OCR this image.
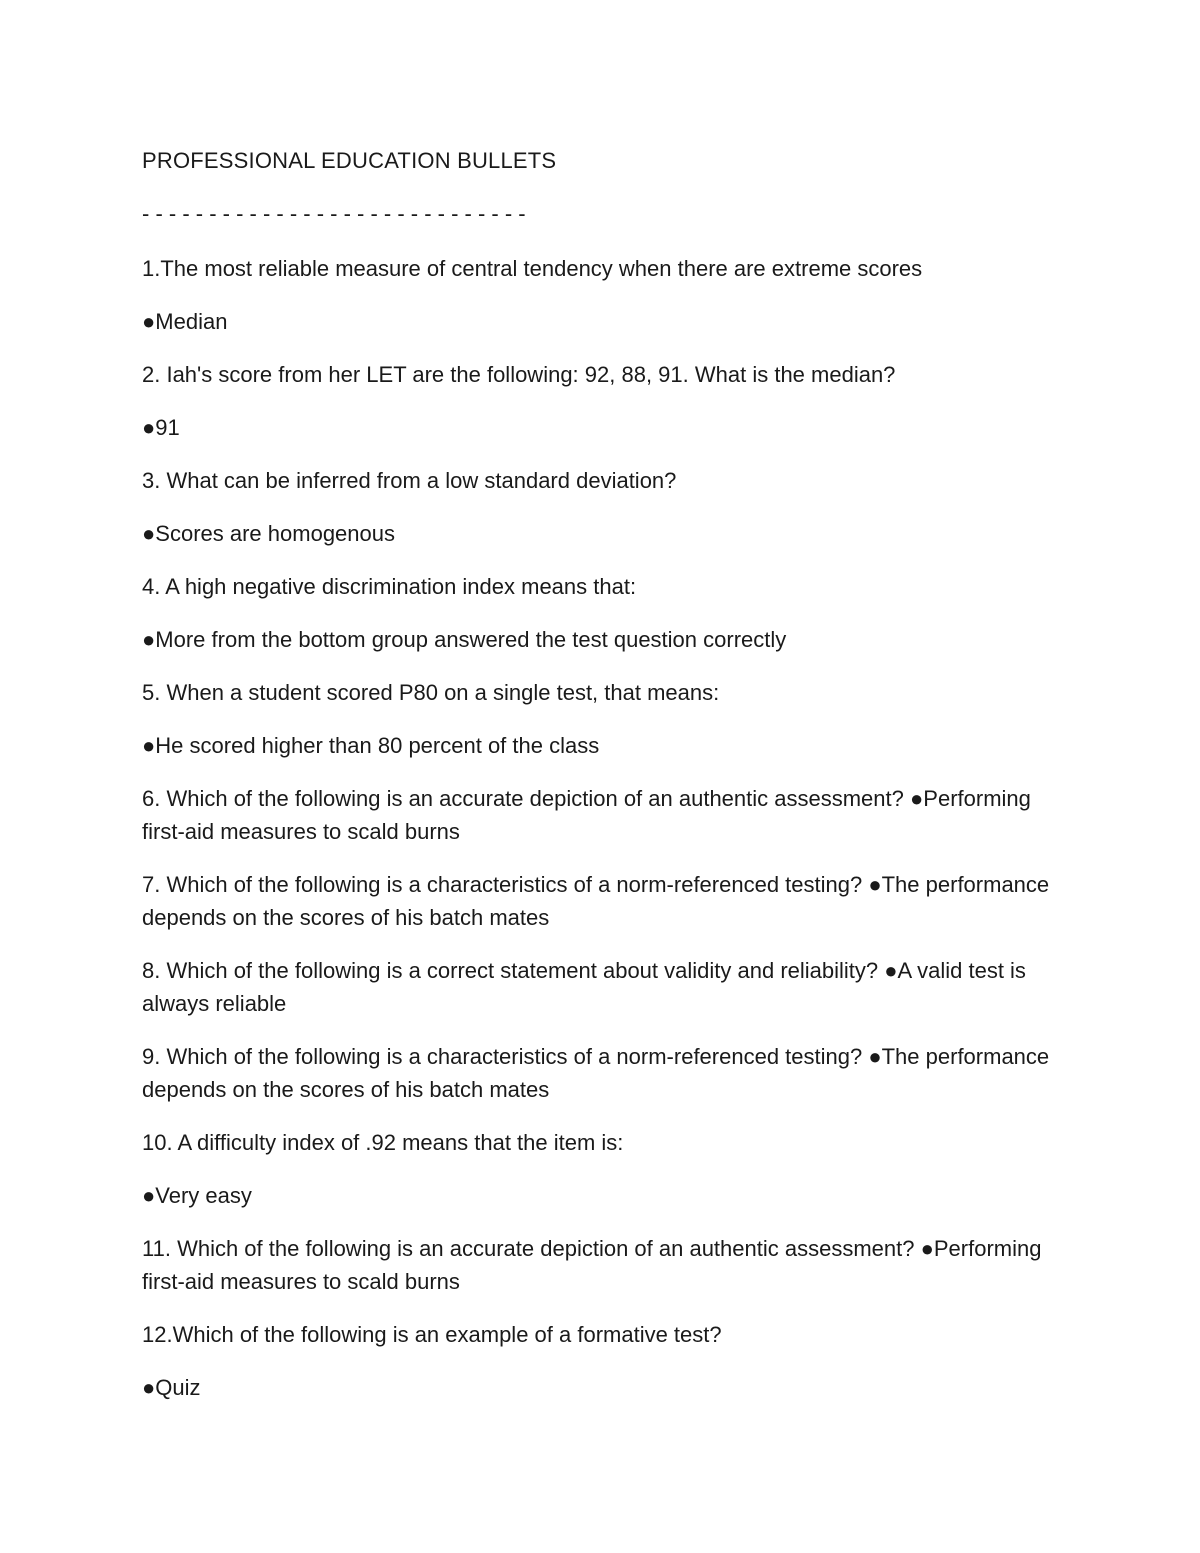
PROFESSIONAL EDUCATION BULLETS

- - - - - - - - - - - - - - - - - - - - - - - - - - - - -

1.The most reliable measure of central tendency when there are extreme scores

●Median

2. Iah's score from her LET are the following: 92, 88, 91. What is the median?

●91

3. What can be inferred from a low standard deviation?

●Scores are homogenous

4. A high negative discrimination index means that:

●More from the bottom group answered the test question correctly

5. When a student scored P80 on a single test, that means:

●He scored higher than 80 percent of the class

6. Which of the following is an accurate depiction of an authentic assessment? ●Performing first-aid measures to scald burns

7. Which of the following is a characteristics of a norm-referenced testing? ●The performance depends on the scores of his batch mates

8. Which of the following is a correct statement about validity and reliability? ●A valid test is always reliable

9. Which of the following is a characteristics of a norm-referenced testing? ●The performance depends on the scores of his batch mates

10. A difficulty index of .92 means that the item is:

●Very easy

11. Which of the following is an accurate depiction of an authentic assessment? ●Performing first-aid measures to scald burns

12.Which of the following is an example of a formative test?

●Quiz
